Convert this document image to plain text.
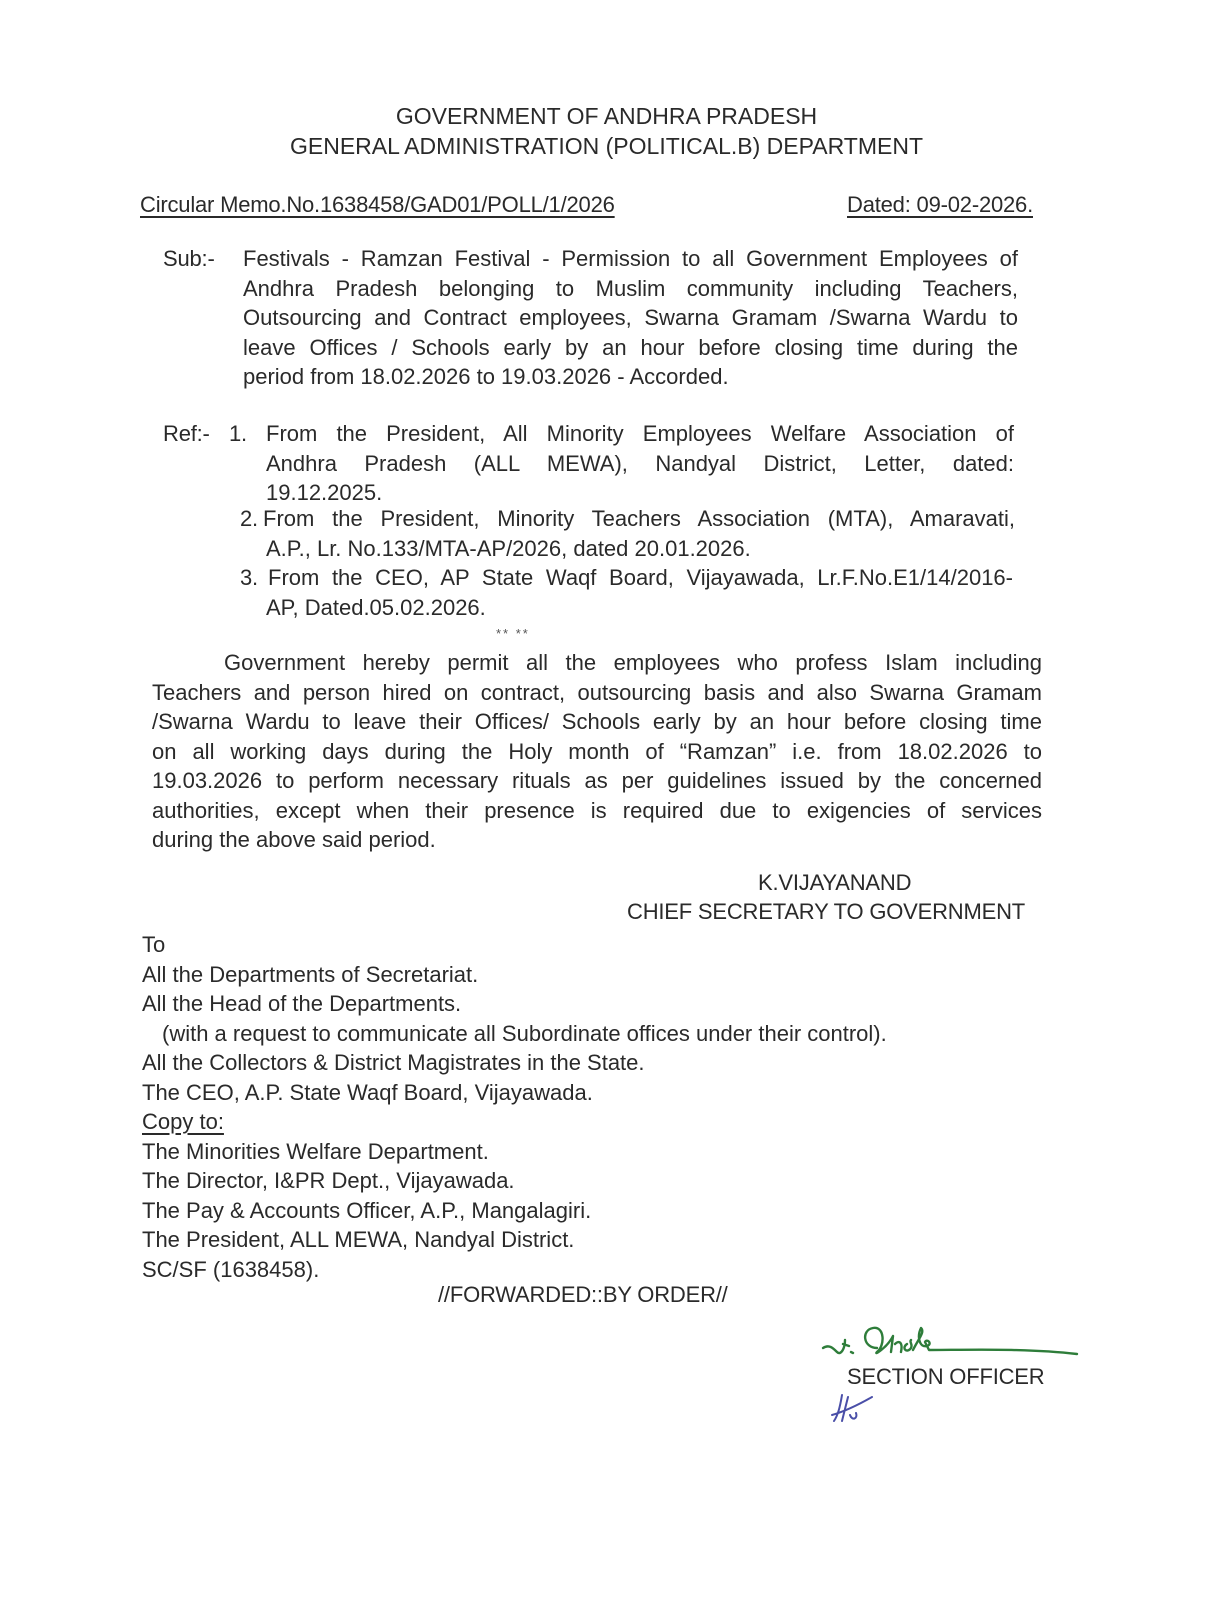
GOVERNMENT OF ANDHRA PRADESH
GENERAL ADMINISTRATION (POLITICAL.B) DEPARTMENT
Circular Memo.No.1638458/GAD01/POLL/1/2026	Dated: 09-02-2026.
Sub:- Festivals - Ramzan Festival - Permission to all Government Employees of
Andhra Pradesh belonging to Muslim community including Teachers,
Outsourcing and Contract employees, Swarna Gramam /Swarna Wardu to
leave Offices / Schools early by an hour before closing time during the
period from 18.02.2026 to 19.03.2026 - Accorded.
Ref:- 1. From the President, All Minority Employees Welfare Association of
Andhra Pradesh (ALL MEWA), Nandyal District, Letter, dated:
19.12.2025.
2. From the President, Minority Teachers Association (MTA), Amaravati,
A.P., Lr. No.133/MTA-AP/2026, dated 20.01.2026.
3. From the CEO, AP State Waqf Board, Vijayawada, Lr.F.No.E1/14/2016-
AP, Dated.05.02.2026.
** **
Government hereby permit all the employees who profess Islam including
Teachers and person hired on contract, outsourcing basis and also Swarna Gramam
/Swarna Wardu to leave their Offices/ Schools early by an hour before closing time
on all working days during the Holy month of “Ramzan” i.e. from 18.02.2026 to
19.03.2026 to perform necessary rituals as per guidelines issued by the concerned
authorities, except when their presence is required due to exigencies of services
during the above said period.
K.VIJAYANAND
CHIEF SECRETARY TO GOVERNMENT
To
All the Departments of Secretariat.
All the Head of the Departments.
(with a request to communicate all Subordinate offices under their control).
All the Collectors & District Magistrates in the State.
The CEO, A.P. State Waqf Board, Vijayawada.
Copy to:
The Minorities Welfare Department.
The Director, I&PR Dept., Vijayawada.
The Pay & Accounts Officer, A.P., Mangalagiri.
The President, ALL MEWA, Nandyal District.
SC/SF (1638458).
//FORWARDED::BY ORDER//
SECTION OFFICER
